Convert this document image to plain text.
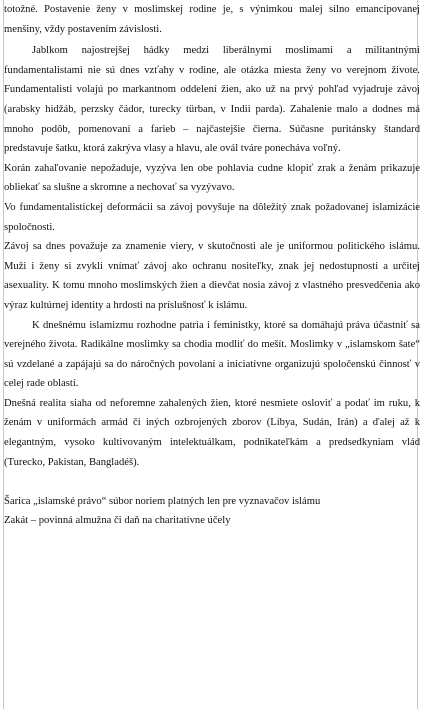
totožné. Postavenie ženy v moslimskej rodine je, s výnimkou malej silno emancipovanej menšiny, vždy postavením závislosti.

Jablkom najostrejšej hádky medzi liberálnymi moslimami a militantnými fundamentalistami nie sú dnes vzťahy v rodine, ale otázka miesta ženy vo verejnom živote. Fundamentalisti volajú po markantnom oddelení žien, ako už na prvý pohľad vyjadruje závoj (arabsky hidžáb, perzsky čádor, turecky türban, v Indii parda). Zahalenie malo a dodnes má mnoho podôb, pomenovaní a farieb – najčastejšie čierna. Súčasne puritánsky štandard predstavuje šatku, ktorá zakrýva vlasy a hlavu, ale ovál tváre ponecháva voľný.

Korán zahaľovanie nepožaduje, vyzýva len obe pohlavia cudne klopiť zrak a ženám prikazuje obliekať sa slušne a skromne a nechovať sa vyzývavo.

Vo fundamentalistickej deformácii sa závoj povyšuje na dôležitý znak požadovanej islamizácie spoločnosti.

Závoj sa dnes považuje za znamenie viery, v skutočnosti ale je uniformou politického islámu. Muži i ženy si zvykli vnímať závoj ako ochranu nositeľky, znak jej nedostupnosti a určitej asexuality. K tomu mnoho moslimských žien a dievčat nosia závoj z vlastného presvedčenia ako výraz kultúrnej identity a hrdosti na príslušnosť k islámu.

K dnešnému islamizmu rozhodne patria i feministky, ktoré sa domáhajú práva účastniť sa verejného života. Radikálne moslimky sa chodia modliť do mešít. Moslimky v „islamskom šate“ sú vzdelané a zapájajú sa do náročných povolaní a iniciatívne organizujú spoločenskú činnosť v celej rade oblastí.

Dnešná realita siaha od neforemne zahalených žien, ktoré nesmiete osloviť a podať im ruku, k ženám v uniformách armád či iných ozbrojených zborov (Líbya, Sudán, Irán) a ďalej až k elegantným, vysoko kultivovaným intelektuálkam, podnikateľkám a predsedkyniam vlád (Turecko, Pakistan, Bangladéš).

Šarica „islamské právo“ súbor noriem platných len pre vyznavačov islámu

Zakát – povinná almužna či daň na charitatívne účely
